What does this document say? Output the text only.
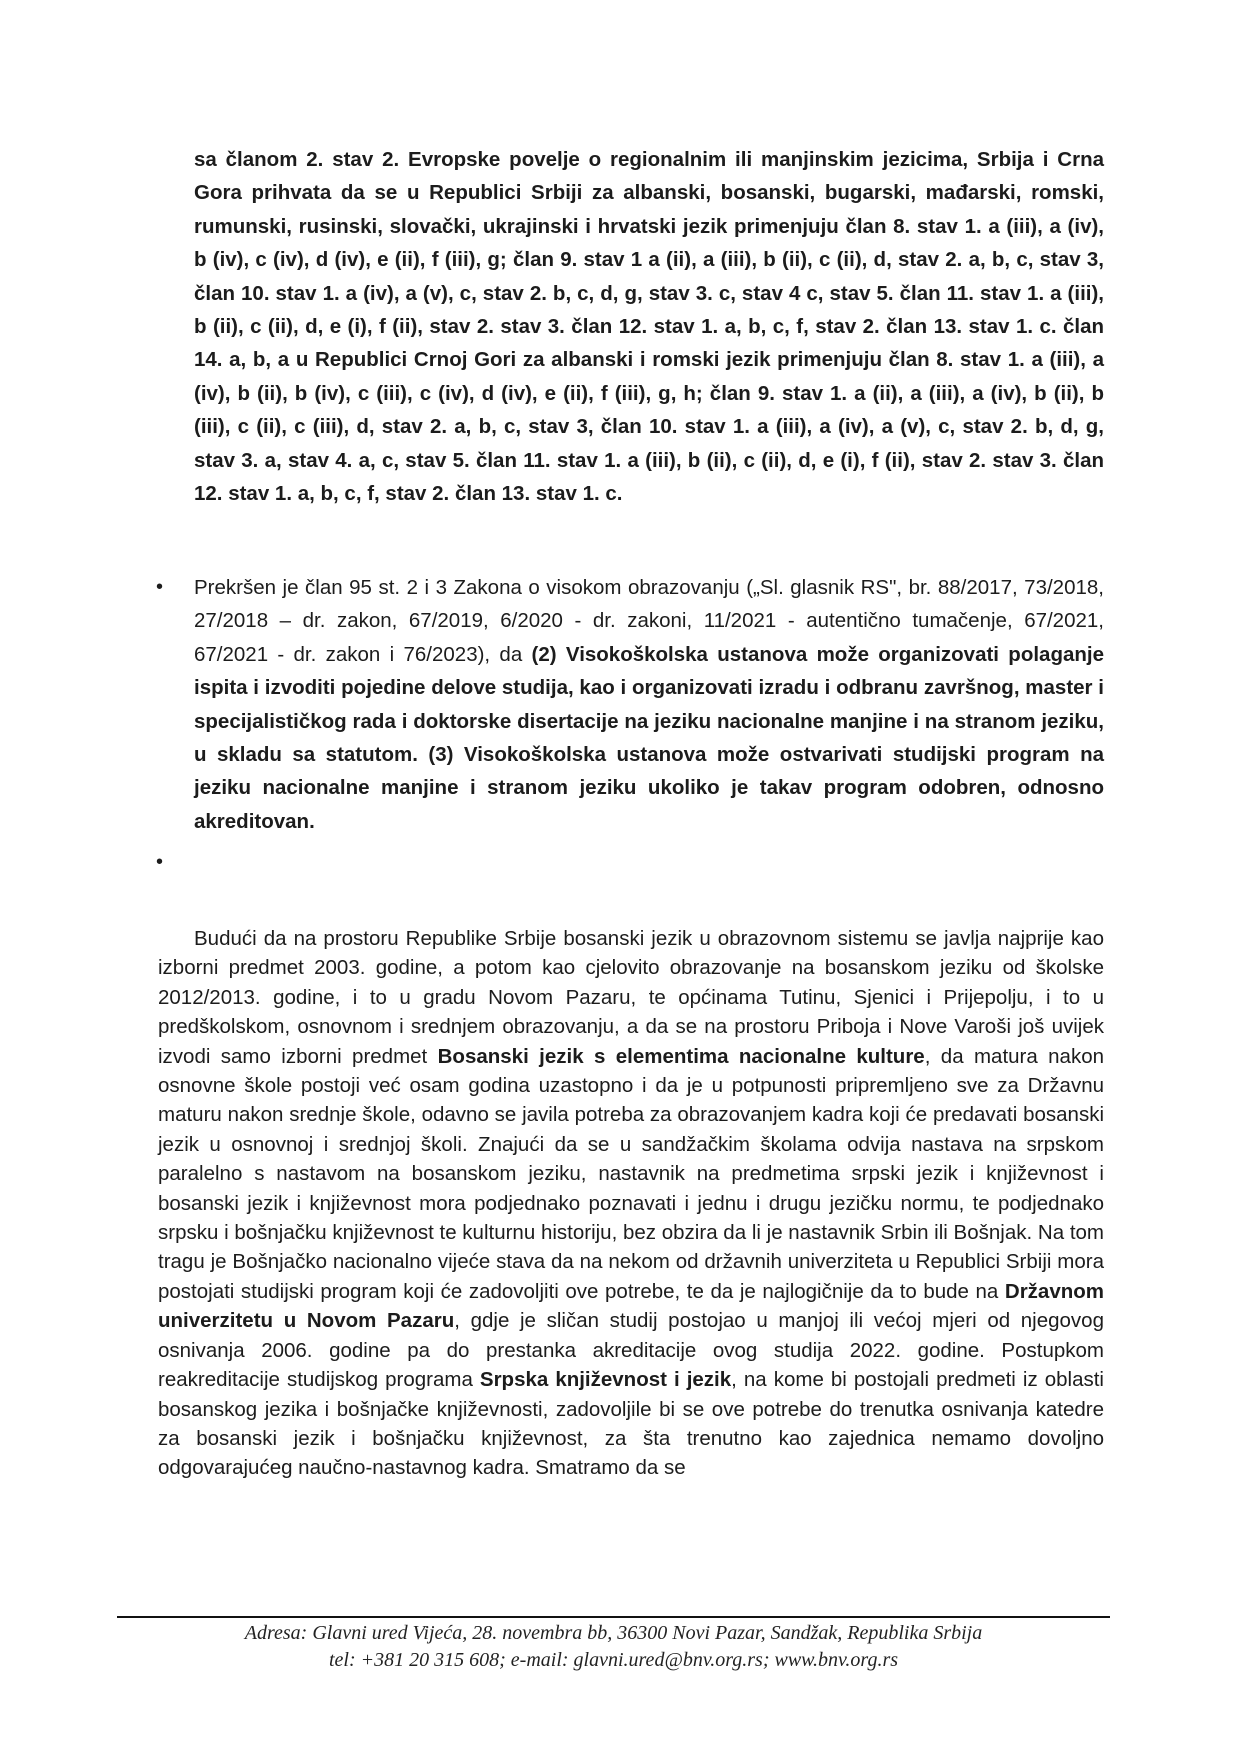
sa članom 2. stav 2. Evropske povelje o regionalnim ili manjinskim jezicima, Srbija i Crna Gora prihvata da se u Republici Srbiji za albanski, bosanski, bugarski, mađarski, romski, rumunski, rusinski, slovački, ukrajinski i hrvatski jezik primenjuju član 8. stav 1. a (iii), a (iv), b (iv), c (iv), d (iv), e (ii), f (iii), g; član 9. stav 1 a (ii), a (iii), b (ii), c (ii), d, stav 2. a, b, c, stav 3, član 10. stav 1. a (iv), a (v), c, stav 2. b, c, d, g, stav 3. c, stav 4 c, stav 5. član 11. stav 1. a (iii), b (ii), c (ii), d, e (i), f (ii), stav 2. stav 3. član 12. stav 1. a, b, c, f, stav 2. član 13. stav 1. c. član 14. a, b, a u Republici Crnoj Gori za albanski i romski jezik primenjuju član 8. stav 1. a (iii), a (iv), b (ii), b (iv), c (iii), c (iv), d (iv), e (ii), f (iii), g, h; član 9. stav 1. a (ii), a (iii), a (iv), b (ii), b (iii), c (ii), c (iii), d, stav 2. a, b, c, stav 3, član 10. stav 1. a (iii), a (iv), a (v), c, stav 2. b, d, g, stav 3. a, stav 4. a, c, stav 5. član 11. stav 1. a (iii), b (ii), c (ii), d, e (i), f (ii), stav 2. stav 3. član 12. stav 1. a, b, c, f, stav 2. član 13. stav 1. c.

• Prekršen je član 95 st. 2 i 3 Zakona o visokom obrazovanju („Sl. glasnik RS", br. 88/2017, 73/2018, 27/2018 – dr. zakon, 67/2019, 6/2020 - dr. zakoni, 11/2021 - autentično tumačenje, 67/2021, 67/2021 - dr. zakon i 76/2023), da (2) Visokoškolska ustanova može organizovati polaganje ispita i izvoditi pojedine delove studija, kao i organizovati izradu i odbranu završnog, master i specijalističkog rada i doktorske disertacije na jeziku nacionalne manjine i na stranom jeziku, u skladu sa statutom. (3) Visokoškolska ustanova može ostvarivati studijski program na jeziku nacionalne manjine i stranom jeziku ukoliko je takav program odobren, odnosno akreditovan.
•

Budući da na prostoru Republike Srbije bosanski jezik u obrazovnom sistemu se javlja najprije kao izborni predmet 2003. godine, a potom kao cjelovito obrazovanje na bosanskom jeziku od školske 2012/2013. godine, i to u gradu Novom Pazaru, te općinama Tutinu, Sjenici i Prijepolju, i to u predškolskom, osnovnom i srednjem obrazovanju, a da se na prostoru Priboja i Nove Varoši još uvijek izvodi samo izborni predmet Bosanski jezik s elementima nacionalne kulture, da matura nakon osnovne škole postoji već osam godina uzastopno i da je u potpunosti pripremljeno sve za Državnu maturu nakon srednje škole, odavno se javila potreba za obrazovanjem kadra koji će predavati bosanski jezik u osnovnoj i srednjoj školi. Znajući da se u sandžačkim školama odvija nastava na srpskom paralelno s nastavom na bosanskom jeziku, nastavnik na predmetima srpski jezik i književnost i bosanski jezik i književnost mora podjednako poznavati i jednu i drugu jezičku normu, te podjednako srpsku i bošnjačku književnost te kulturnu historiju, bez obzira da li je nastavnik Srbin ili Bošnjak. Na tom tragu je Bošnjačko nacionalno vijeće stava da na nekom od državnih univerziteta u Republici Srbiji mora postojati studijski program koji će zadovoljiti ove potrebe, te da je najlogičnije da to bude na Državnom univerzitetu u Novom Pazaru, gdje je sličan studij postojao u manjoj ili većoj mjeri od njegovog osnivanja 2006. godine pa do prestanka akreditacije ovog studija 2022. godine. Postupkom reakreditacije studijskog programa Srpska književnost i jezik, na kome bi postojali predmeti iz oblasti bosanskog jezika i bošnjačke književnosti, zadovoljile bi se ove potrebe do trenutka osnivanja katedre za bosanski jezik i bošnjačku književnost, za šta trenutno kao zajednica nemamo dovoljno odgovarajućeg naučno-nastavnog kadra. Smatramo da se

Adresa: Glavni ured Vijeća, 28. novembra bb, 36300 Novi Pazar, Sandžak, Republika Srbija
tel: +381 20 315 608; e-mail: glavni.ured@bnv.org.rs; www.bnv.org.rs
